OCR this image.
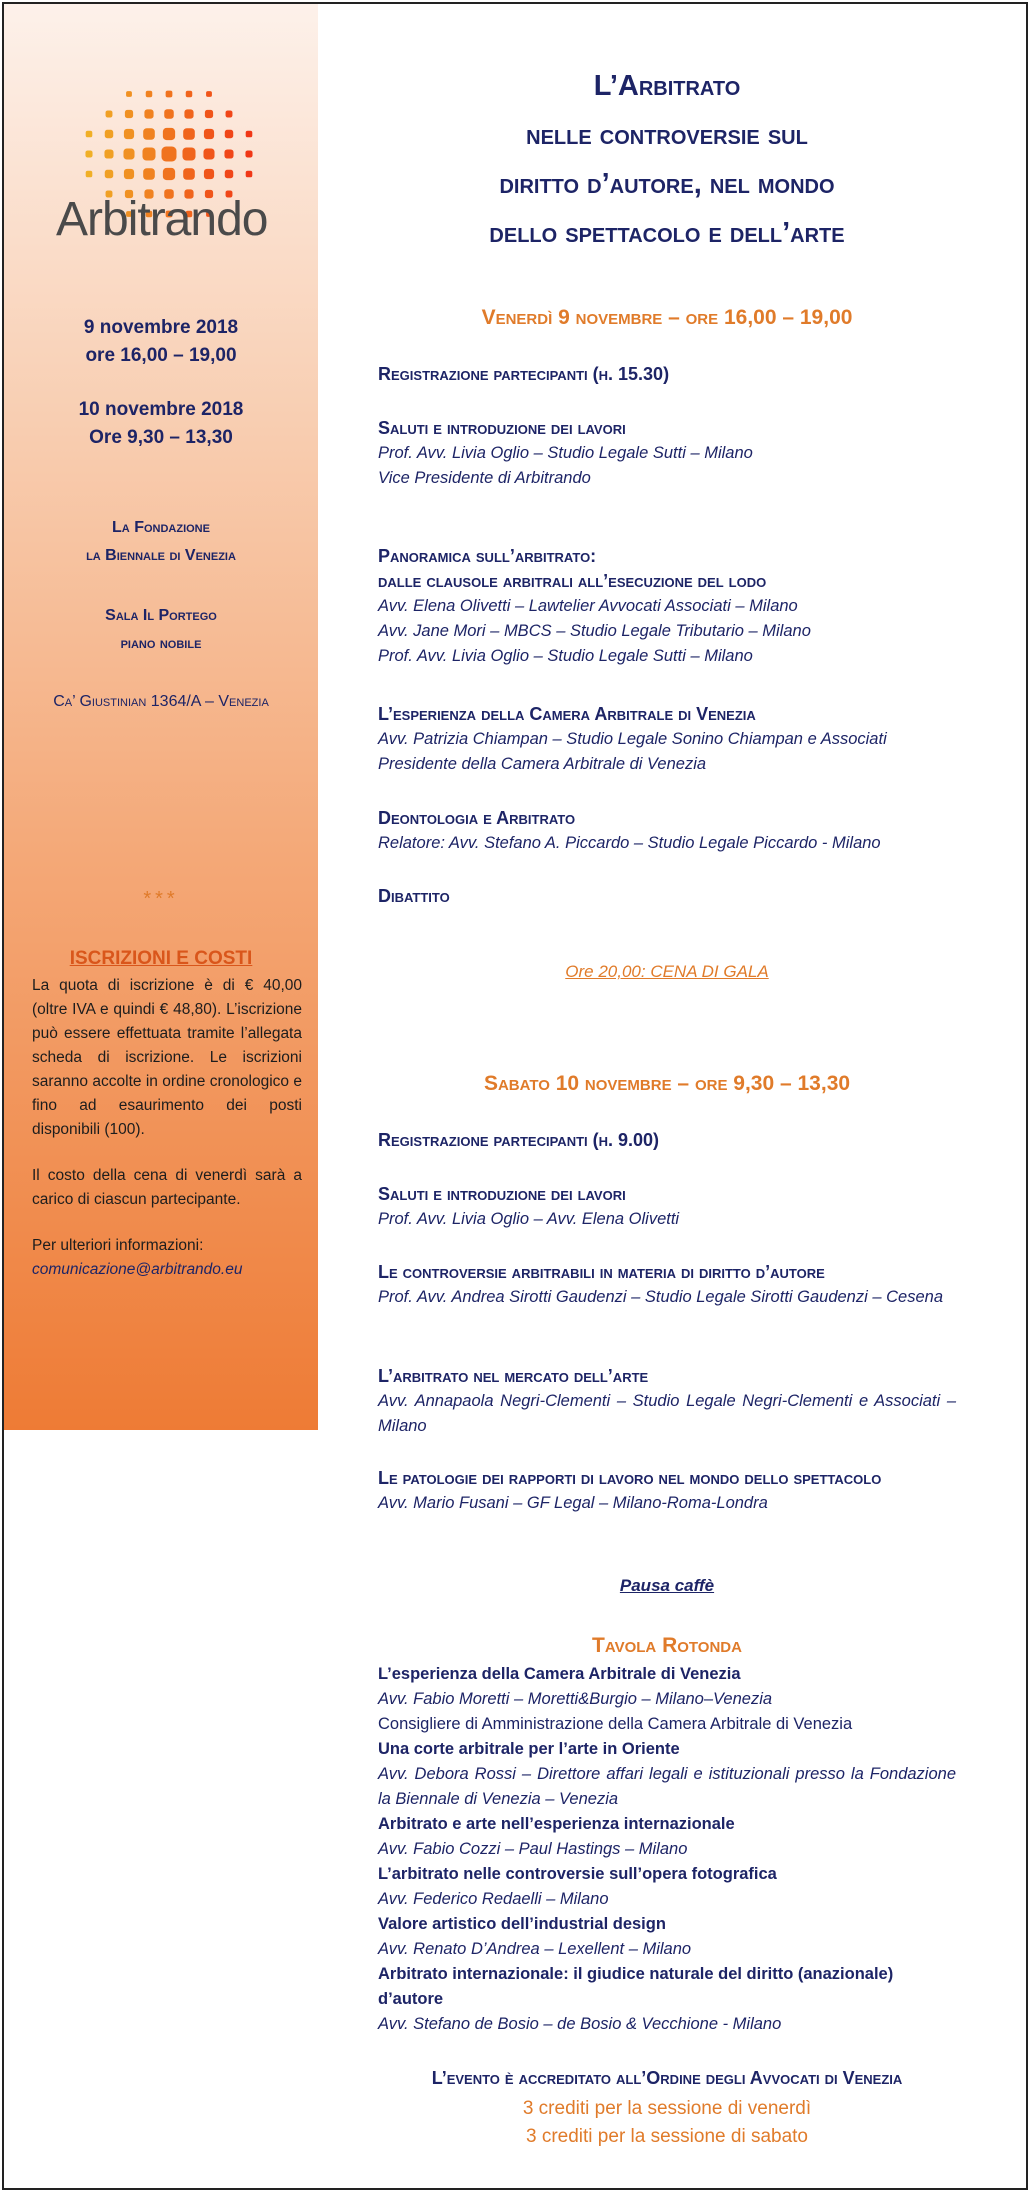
Arbitrando
9 novembre 2018
ore 16,00 – 19,00
10 novembre 2018
Ore 9,30 – 13,30
La Fondazione
la Biennale di Venezia
Sala Il Portego
piano nobile
Ca’ Giustinian 1364/A – Venezia
***
ISCRIZIONI E COSTI

La quota di iscrizione è di € 40,00 (oltre IVA e quindi € 48,80). L’iscrizione può essere effettuata tramite l’allegata scheda di iscrizione. Le iscrizioni saranno accolte in ordine cronologico e fino ad esaurimento dei posti disponibili (100).

Il costo della cena di venerdì sarà a carico di ciascun partecipante.

Per ulteriori informazioni:
comunicazione@arbitrando.eu
L’Arbitrato
nelle controversie sul
diritto d’autore, nel mondo
dello spettacolo e dell’arte
Venerdì 9 novembre – ore 16,00 – 19,00
Registrazione partecipanti (h. 15.30)
Saluti e introduzione dei lavori
Prof. Avv. Livia Oglio – Studio Legale Sutti – Milano
Vice Presidente di Arbitrando
Panoramica sull’arbitrato:
dalle clausole arbitrali all’esecuzione del lodo
Avv. Elena Olivetti – Lawtelier Avvocati Associati – Milano
Avv. Jane Mori – MBCS – Studio Legale Tributario – Milano
Prof. Avv. Livia Oglio – Studio Legale Sutti – Milano
L’esperienza della Camera Arbitrale di Venezia
Avv. Patrizia Chiampan – Studio Legale Sonino Chiampan e Associati
Presidente della Camera Arbitrale di Venezia
Deontologia e Arbitrato
Relatore: Avv. Stefano A. Piccardo – Studio Legale Piccardo - Milano
Dibattito
Ore 20,00: CENA DI GALA
Sabato 10 novembre – ore 9,30 – 13,30
Registrazione partecipanti (h. 9.00)
Saluti e introduzione dei lavori
Prof. Avv. Livia Oglio – Avv. Elena Olivetti
Le controversie arbitrabili in materia di diritto d’autore
Prof. Avv. Andrea Sirotti Gaudenzi – Studio Legale Sirotti Gaudenzi – Cesena
L’arbitrato nel mercato dell’arte
Avv. Annapaola Negri-Clementi – Studio Legale Negri-Clementi e Associati – Milano
Le patologie dei rapporti di lavoro nel mondo dello spettacolo
Avv. Mario Fusani – GF Legal – Milano-Roma-Londra
Pausa caffè
Tavola Rotonda
L’esperienza della Camera Arbitrale di Venezia
Avv. Fabio Moretti – Moretti&Burgio – Milano–Venezia
Consigliere di Amministrazione della Camera Arbitrale di Venezia
Una corte arbitrale per l’arte in Oriente
Avv. Debora Rossi – Direttore affari legali e istituzionali presso la Fondazione la Biennale di Venezia – Venezia
Arbitrato e arte nell’esperienza internazionale
Avv. Fabio Cozzi – Paul Hastings – Milano
L’arbitrato nelle controversie sull’opera fotografica
Avv. Federico Redaelli – Milano
Valore artistico dell’industrial design
Avv. Renato D’Andrea – Lexellent – Milano
Arbitrato internazionale: il giudice naturale del diritto (anazionale) d’autore
Avv. Stefano de Bosio – de Bosio & Vecchione - Milano
L’evento è accreditato all’Ordine degli Avvocati di Venezia
3 crediti per la sessione di venerdì
3 crediti per la sessione di sabato
